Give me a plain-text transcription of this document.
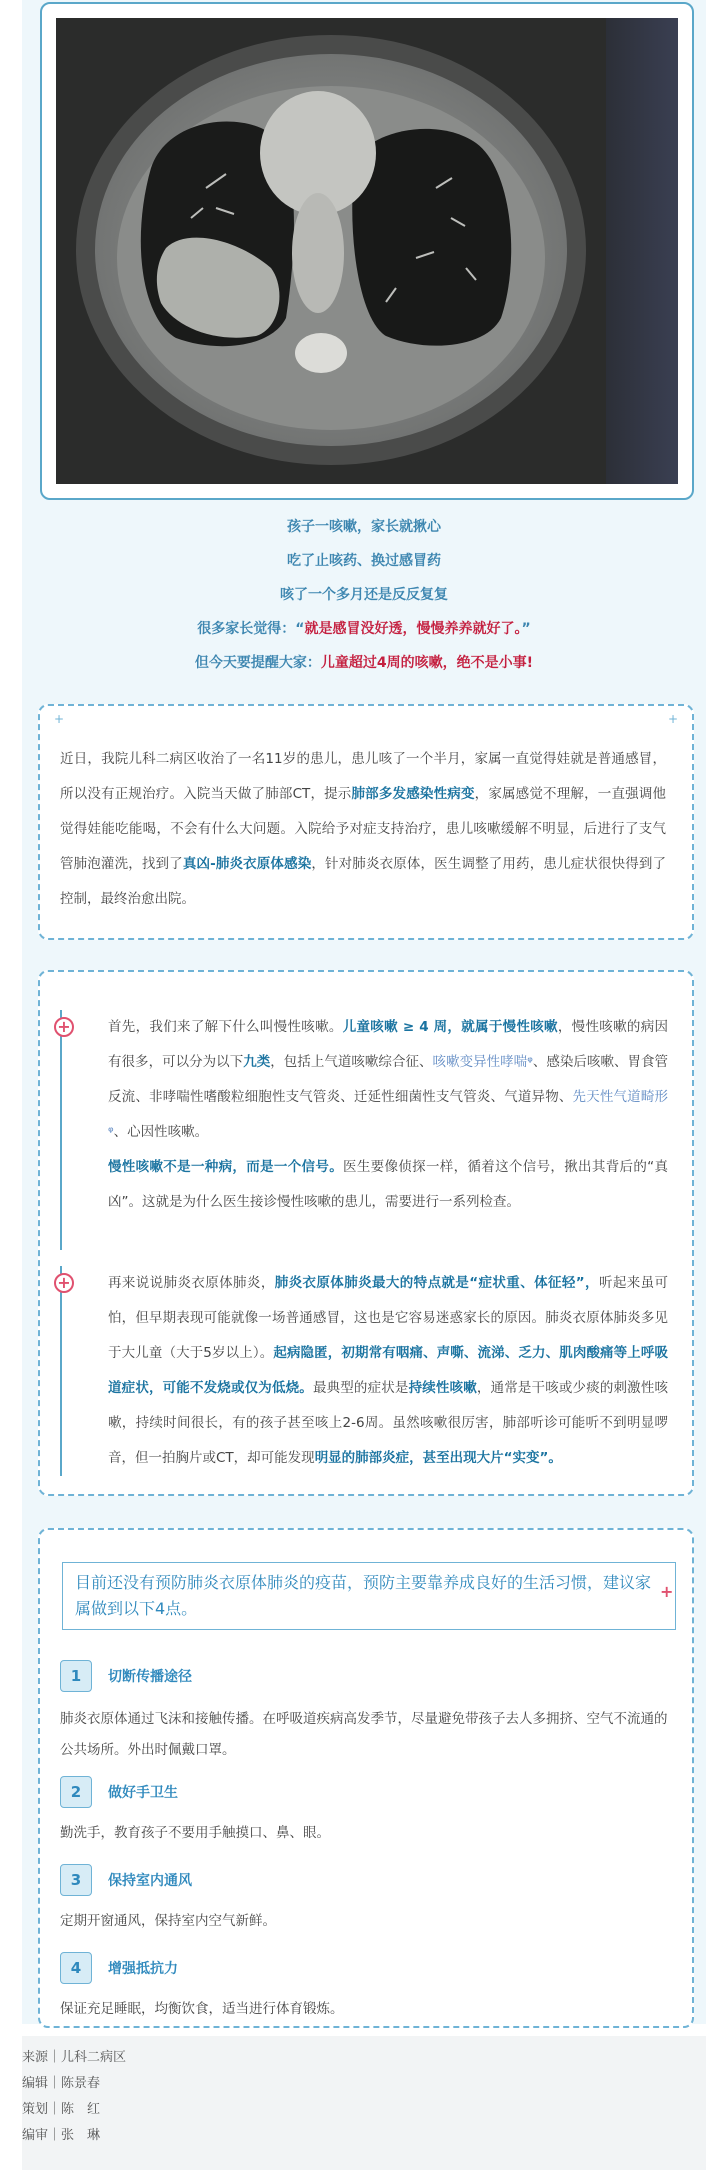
孩子一咳嗽，家长就揪心
吃了止咳药、换过感冒药
咳了一个多月还是反反复复
很多家长觉得：“就是感冒没好透，慢慢养养就好了。”
但今天要提醒大家：儿童超过4周的咳嗽，绝不是小事!
+	+
近日，我院儿科二病区收治了一名11岁的患儿，患儿咳了一个半月，家属一直觉得娃就是普通感冒，所以没有正规治疗。入院当天做了肺部CT，提示肺部多发感染性病变，家属感觉不理解，一直强调他觉得娃能吃能喝，不会有什么大问题。入院给予对症支持治疗，患儿咳嗽缓解不明显，后进行了支气管肺泡灌洗，找到了真凶-肺炎衣原体感染，针对肺炎衣原体，医生调整了用药，患儿症状很快得到了控制，最终治愈出院。
+	首先，我们来了解下什么叫慢性咳嗽。儿童咳嗽 ≥ 4 周，就属于慢性咳嗽，慢性咳嗽的病因有很多，可以分为以下九类，包括上气道咳嗽综合征、咳嗽变异性哮喘ᵠ、感染后咳嗽、胃食管反流、非哮喘性嗜酸粒细胞性支气管炎、迁延性细菌性支气管炎、气道异物、先天性气道畸形ᵠ、心因性咳嗽。
慢性咳嗽不是一种病，而是一个信号。医生要像侦探一样，循着这个信号，揪出其背后的“真凶”。这就是为什么医生接诊慢性咳嗽的患儿，需要进行一系列检查。
+	再来说说肺炎衣原体肺炎，肺炎衣原体肺炎最大的特点就是“症状重、体征轻”，听起来虽可怕，但早期表现可能就像一场普通感冒，这也是它容易迷惑家长的原因。肺炎衣原体肺炎多见于大儿童（大于5岁以上）。起病隐匿，初期常有咽痛、声嘶、流涕、乏力、肌肉酸痛等上呼吸道症状，可能不发烧或仅为低烧。最典型的症状是持续性咳嗽，通常是干咳或少痰的刺激性咳嗽，持续时间很长，有的孩子甚至咳上2-6周。虽然咳嗽很厉害，肺部听诊可能听不到明显啰音，但一拍胸片或CT，却可能发现明显的肺部炎症，甚至出现大片“实变”。
目前还没有预防肺炎衣原体肺炎的疫苗，预防主要靠养成良好的生活习惯，建议家属做到以下4点。
+
1	切断传播途径
肺炎衣原体通过飞沫和接触传播。在呼吸道疾病高发季节，尽量避免带孩子去人多拥挤、空气不流通的公共场所。外出时佩戴口罩。
2	做好手卫生
勤洗手，教育孩子不要用手触摸口、鼻、眼。
3	保持室内通风
定期开窗通风，保持室内空气新鲜。
4	增强抵抗力
保证充足睡眠，均衡饮食，适当进行体育锻炼。
来源｜儿科二病区
编辑｜陈景春
策划｜陈　红
编审｜张　琳
